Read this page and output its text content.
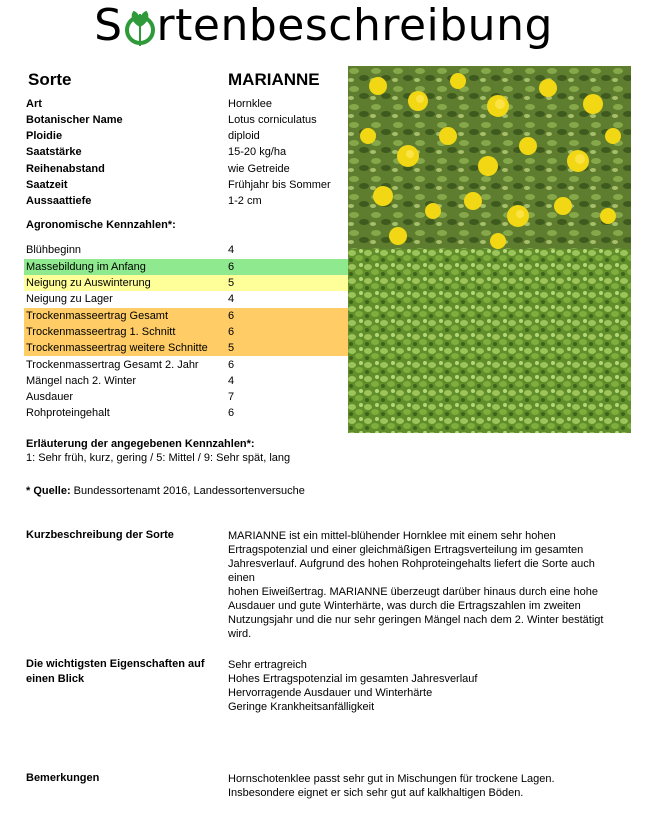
S rtenbeschreibung
Sorte	MARIANNE
Art	Hornklee
Botanischer Name	Lotus corniculatus
Ploidie	diploid
Saatstärke	15-20 kg/ha
Reihenabstand	wie Getreide
Saatzeit	Frühjahr bis Sommer
Aussaattiefe	1-2 cm
Agronomische Kennzahlen*:
Blühbeginn	4
Massebildung im Anfang	6
Neigung zu Auswinterung	5
Neigung zu Lager	4
Trockenmasseertrag Gesamt	6
Trockenmasseertrag 1. Schnitt	6
Trockenmasseertrag weitere Schnitte 5
Trockenmassertrag Gesamt 2. Jahr	6
Mängel nach 2. Winter	4
Ausdauer	7
Rohproteingehalt	6
Erläuterung der angegebenen Kennzahlen*:
1: Sehr früh, kurz, gering / 5: Mittel / 9: Sehr spät, lang
* Quelle: Bundessortenamt 2016, Landessortenversuche
Kurzbeschreibung der Sorte	MARIANNE ist ein mittel-blühender Hornklee mit einem sehr hohen
Ertragspotenzial und einer gleichmäßigen Ertragsverteilung im gesamten
Jahresverlauf. Aufgrund des hohen Rohproteingehalts liefert die Sorte auch einen
hohen Eiweißertrag. MARIANNE überzeugt darüber hinaus durch eine hohe
Ausdauer und gute Winterhärte, was durch die Ertragszahlen im zweiten
Nutzungsjahr und die nur sehr geringen Mängel nach dem 2. Winter bestätigt
wird.
Die wichtigsten Eigenschaften auf
einen Blick
Sehr ertragreich
Hohes Ertragspotenzial im gesamten Jahresverlauf
Hervorragende Ausdauer und Winterhärte
Geringe Krankheitsanfälligkeit
Bemerkungen	Hornschotenklee passt sehr gut in Mischungen für trockene Lagen.
Insbesondere eignet er sich sehr gut auf kalkhaltigen Böden.
